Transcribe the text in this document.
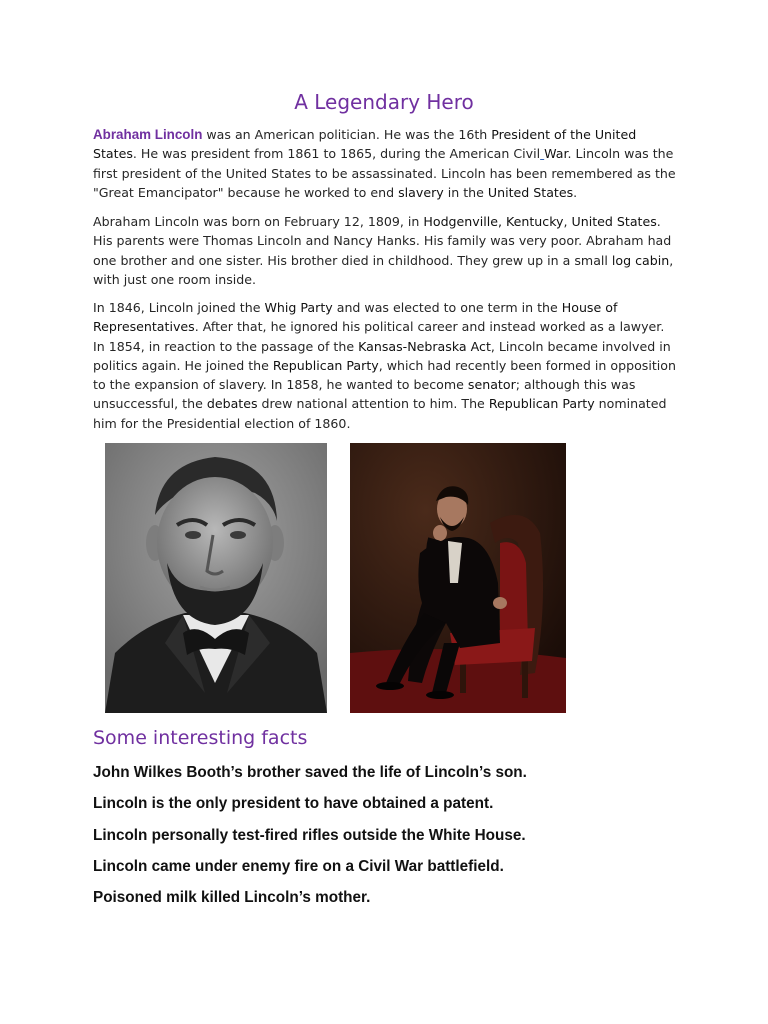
A Legendary Hero

Abraham Lincoln was an American politician. He was the 16th President of the United States. He was president from 1861 to 1865, during the American Civil War. Lincoln was the first president of the United States to be assassinated. Lincoln has been remembered as the "Great Emancipator" because he worked to end slavery in the United States.

Abraham Lincoln was born on February 12, 1809, in Hodgenville, Kentucky, United States. His parents were Thomas Lincoln and Nancy Hanks. His family was very poor. Abraham had one brother and one sister. His brother died in childhood. They grew up in a small log cabin, with just one room inside.

In 1846, Lincoln joined the Whig Party and was elected to one term in the House of Representatives. After that, he ignored his political career and instead worked as a lawyer. In 1854, in reaction to the passage of the Kansas-Nebraska Act, Lincoln became involved in politics again. He joined the Republican Party, which had recently been formed in opposition to the expansion of slavery. In 1858, he wanted to become senator; although this was unsuccessful, the debates drew national attention to him. The Republican Party nominated him for the Presidential election of 1860.

Some interesting facts
John Wilkes Booth’s brother saved the life of Lincoln’s son.
Lincoln is the only president to have obtained a patent.
Lincoln personally test-fired rifles outside the White House.
Lincoln came under enemy fire on a Civil War battlefield.
Poisoned milk killed Lincoln’s mother.
